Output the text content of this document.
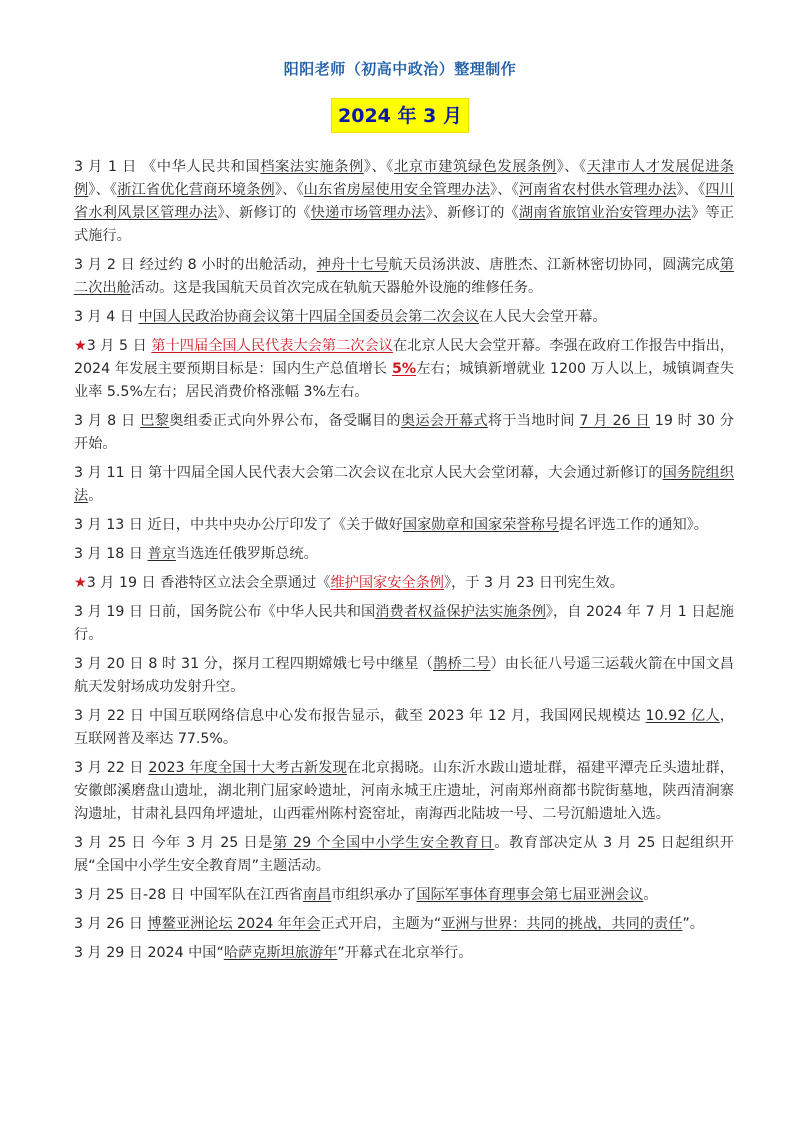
阳阳老师（初高中政治）整理制作
2024 年 3 月
3 月 1 日 《中华人民共和国档案法实施条例》、《北京市建筑绿色发展条例》、《天津市人才发展促进条例》、《浙江省优化营商环境条例》、《山东省房屋使用安全管理办法》、《河南省农村供水管理办法》、《四川省水利风景区管理办法》、新修订的《快递市场管理办法》、新修订的《湖南省旅馆业治安管理办法》等正式施行。
3 月 2 日 经过约 8 小时的出舱活动，神舟十七号航天员汤洪波、唐胜杰、江新林密切协同，圆满完成第二次出舱活动。这是我国航天员首次完成在轨航天器舱外设施的维修任务。
3 月 4 日 中国人民政治协商会议第十四届全国委员会第二次会议在人民大会堂开幕。
★3 月 5 日 第十四届全国人民代表大会第二次会议在北京人民大会堂开幕。李强在政府工作报告中指出，2024 年发展主要预期目标是：国内生产总值增长 5%左右；城镇新增就业 1200 万人以上，城镇调查失业率 5.5%左右；居民消费价格涨幅 3%左右。
3 月 8 日 巴黎奥组委正式向外界公布，备受瞩目的奥运会开幕式将于当地时间 7 月 26 日 19 时 30 分开始。
3 月 11 日 第十四届全国人民代表大会第二次会议在北京人民大会堂闭幕，大会通过新修订的国务院组织法。
3 月 13 日 近日，中共中央办公厅印发了《关于做好国家勋章和国家荣誉称号提名评选工作的通知》。
3 月 18 日 普京当选连任俄罗斯总统。
★3 月 19 日 香港特区立法会全票通过《维护国家安全条例》，于 3 月 23 日刊宪生效。
3 月 19 日 日前，国务院公布《中华人民共和国消费者权益保护法实施条例》，自 2024 年 7 月 1 日起施行。
3 月 20 日 8 时 31 分，探月工程四期嫦娥七号中继星（鹊桥二号）由长征八号遥三运载火箭在中国文昌航天发射场成功发射升空。
3 月 22 日 中国互联网络信息中心发布报告显示，截至 2023 年 12 月，我国网民规模达 10.92 亿人，互联网普及率达 77.5%。
3 月 22 日 2023 年度全国十大考古新发现在北京揭晓。山东沂水跋山遗址群，福建平潭壳丘头遗址群，安徽郎溪磨盘山遗址，湖北荆门屈家岭遗址，河南永城王庄遗址，河南郑州商都书院街墓地，陕西清涧寨沟遗址，甘肃礼县四角坪遗址，山西霍州陈村瓷窑址，南海西北陆坡一号、二号沉船遗址入选。
3 月 25 日 今年 3 月 25 日是第 29 个全国中小学生安全教育日。教育部决定从 3 月 25 日起组织开展“全国中小学生安全教育周”主题活动。
3 月 25 日-28 日 中国军队在江西省南昌市组织承办了国际军事体育理事会第七届亚洲会议。
3 月 26 日 博鳌亚洲论坛 2024 年年会正式开启，主题为“亚洲与世界：共同的挑战，共同的责任”。
3 月 29 日 2024 中国“哈萨克斯坦旅游年”开幕式在北京举行。
